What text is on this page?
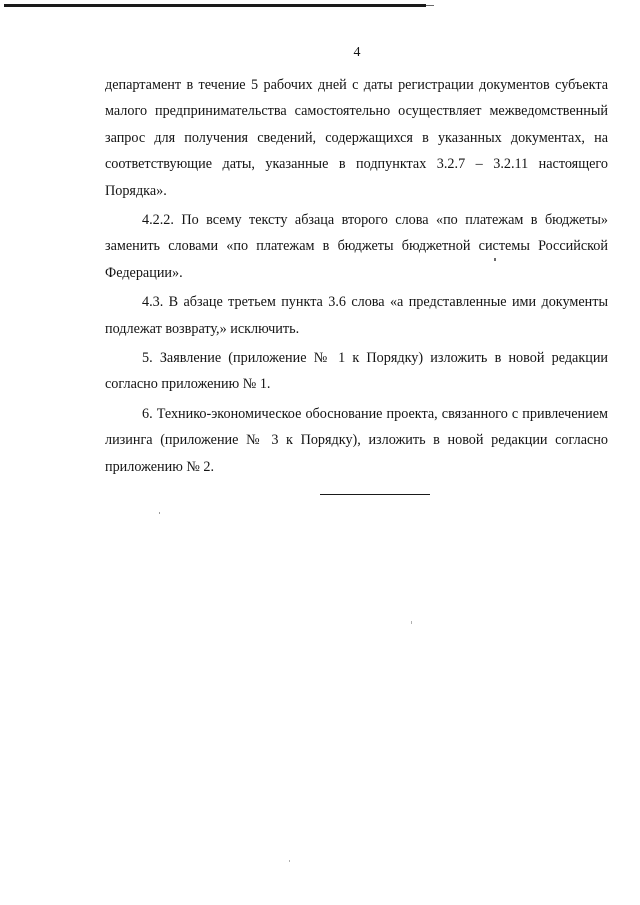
4

департамент в течение 5 рабочих дней с даты регистрации документов субъекта малого предпринимательства самостоятельно осуществляет межведомственный запрос для получения сведений, содержащихся в указанных документах, на соответствующие даты, указанные в подпунктах 3.2.7 – 3.2.11 настоящего Порядка».

4.2.2. По всему тексту абзаца второго слова «по платежам в бюджеты» заменить словами «по платежам в бюджеты бюджетной системы Российской Федерации».

4.3. В абзаце третьем пункта 3.6 слова «а представленные ими документы подлежат возврату,» исключить.

5. Заявление (приложение № 1 к Порядку) изложить в новой редакции согласно приложению № 1.

6. Технико-экономическое обоснование проекта, связанного с привлечением лизинга (приложение № 3 к Порядку), изложить в новой редакции согласно приложению № 2.
